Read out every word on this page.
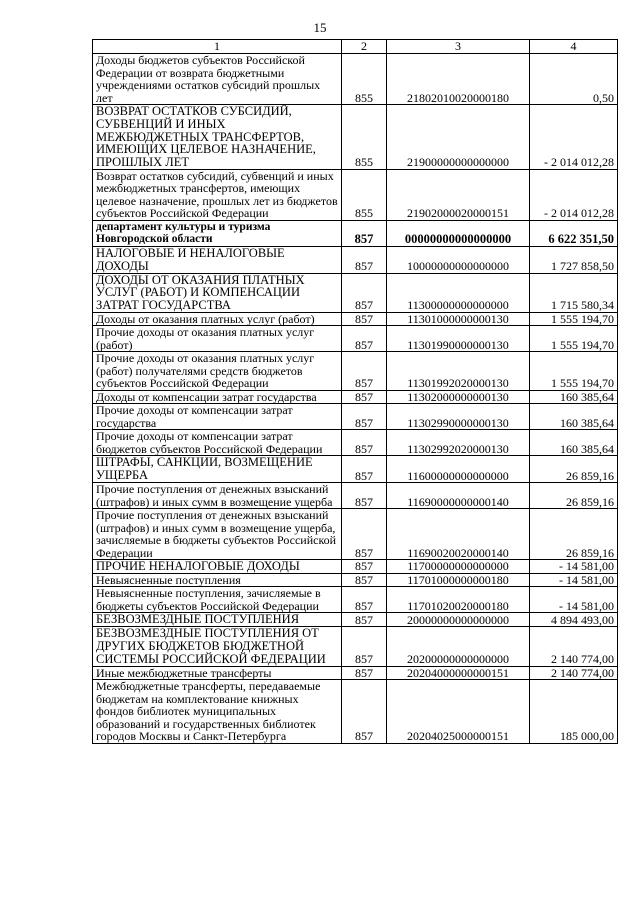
15
1	2	3	4
Доходы бюджетов субъектов Российской Федерации от возврата бюджетными учреждениями остатков субсидий прошлых лет	855	21802010020000180	0,50
ВОЗВРАТ ОСТАТКОВ СУБСИДИЙ, СУБВЕНЦИЙ И ИНЫХ МЕЖБЮДЖЕТНЫХ ТРАНСФЕРТОВ, ИМЕЮЩИХ ЦЕЛЕВОЕ НАЗНАЧЕНИЕ, ПРОШЛЫХ ЛЕТ	855	21900000000000000	- 2 014 012,28
Возврат остатков субсидий, субвенций и иных межбюджетных трансфертов, имеющих целевое назначение, прошлых лет из бюджетов субъектов Российской Федерации	855	21902000020000151	- 2 014 012,28
департамент культуры и туризма Новгородской области	857	00000000000000000	6 622 351,50
НАЛОГОВЫЕ И НЕНАЛОГОВЫЕ ДОХОДЫ	857	10000000000000000	1 727 858,50
ДОХОДЫ ОТ ОКАЗАНИЯ ПЛАТНЫХ УСЛУГ (РАБОТ) И КОМПЕНСАЦИИ ЗАТРАТ ГОСУДАРСТВА	857	11300000000000000	1 715 580,34
Доходы от оказания платных услуг (работ)	857	11301000000000130	1 555 194,70
Прочие доходы от оказания платных услуг (работ)	857	11301990000000130	1 555 194,70
Прочие доходы от оказания платных услуг (работ) получателями средств бюджетов субъектов Российской Федерации	857	11301992020000130	1 555 194,70
Доходы от компенсации затрат государства	857	11302000000000130	160 385,64
Прочие доходы от компенсации затрат государства	857	11302990000000130	160 385,64
Прочие доходы от компенсации затрат бюджетов субъектов Российской Федерации	857	11302992020000130	160 385,64
ШТРАФЫ, САНКЦИИ, ВОЗМЕЩЕНИЕ УЩЕРБА	857	11600000000000000	26 859,16
Прочие поступления от денежных взысканий (штрафов) и иных сумм в возмещение ущерба	857	11690000000000140	26 859,16
Прочие поступления от денежных взысканий (штрафов) и иных сумм в возмещение ущерба, зачисляемые в бюджеты субъектов Российской Федерации	857	11690020020000140	26 859,16
ПРОЧИЕ НЕНАЛОГОВЫЕ ДОХОДЫ	857	11700000000000000	- 14 581,00
Невыясненные поступления	857	11701000000000180	- 14 581,00
Невыясненные поступления, зачисляемые в бюджеты субъектов Российской Федерации	857	11701020020000180	- 14 581,00
БЕЗВОЗМЕЗДНЫЕ ПОСТУПЛЕНИЯ	857	20000000000000000	4 894 493,00
БЕЗВОЗМЕЗДНЫЕ ПОСТУПЛЕНИЯ ОТ ДРУГИХ БЮДЖЕТОВ БЮДЖЕТНОЙ СИСТЕМЫ РОССИЙСКОЙ ФЕДЕРАЦИИ	857	20200000000000000	2 140 774,00
Иные межбюджетные трансферты	857	20204000000000151	2 140 774,00
Межбюджетные трансферты, передаваемые бюджетам на комплектование книжных фондов библиотек муниципальных образований и государственных библиотек городов Москвы и Санкт-Петербурга	857	20204025000000151	185 000,00
